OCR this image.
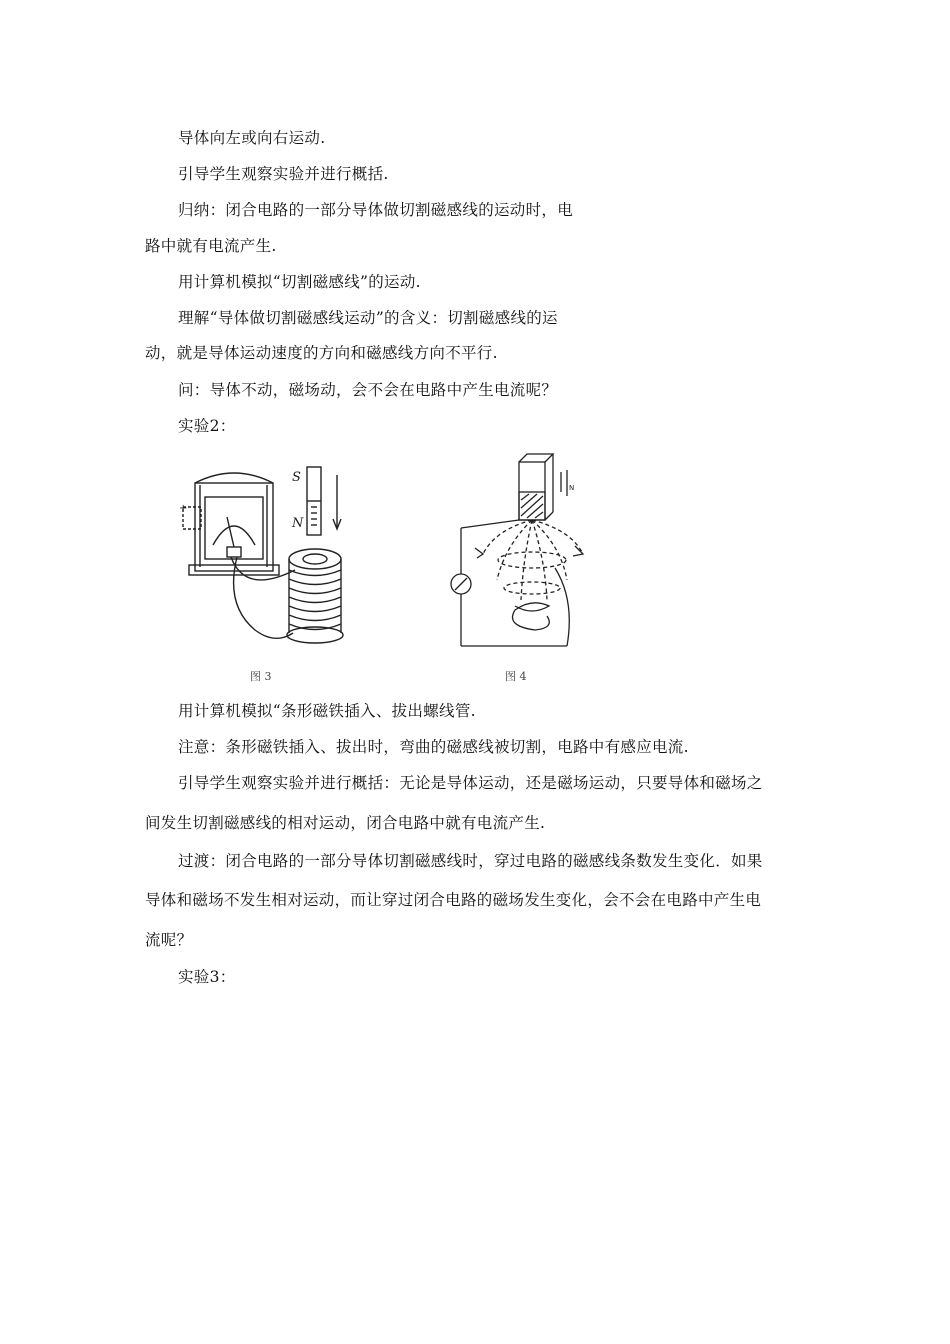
导体向左或向右运动.
引导学生观察实验并进行概括.
归纳：闭合电路的一部分导体做切割磁感线的运动时，电
路中就有电流产生.
用计算机模拟“切割磁感线”的运动.
理解“导体做切割磁感线运动”的含义：切割磁感线的运
动，就是导体运动速度的方向和磁感线方向不平行.
问：导体不动，磁场动，会不会在电路中产生电流呢？
实验2：
S
N
+
图 3
N
图 4
用计算机模拟“条形磁铁插入、拔出螺线管.
注意：条形磁铁插入、拔出时，弯曲的磁感线被切割，电路中有感应电流.
引导学生观察实验并进行概括：无论是导体运动，还是磁场运动，只要导体和磁场之
间发生切割磁感线的相对运动，闭合电路中就有电流产生.
过渡：闭合电路的一部分导体切割磁感线时，穿过电路的磁感线条数发生变化．如果
导体和磁场不发生相对运动，而让穿过闭合电路的磁场发生变化，会不会在电路中产生电
流呢？
实验3：
